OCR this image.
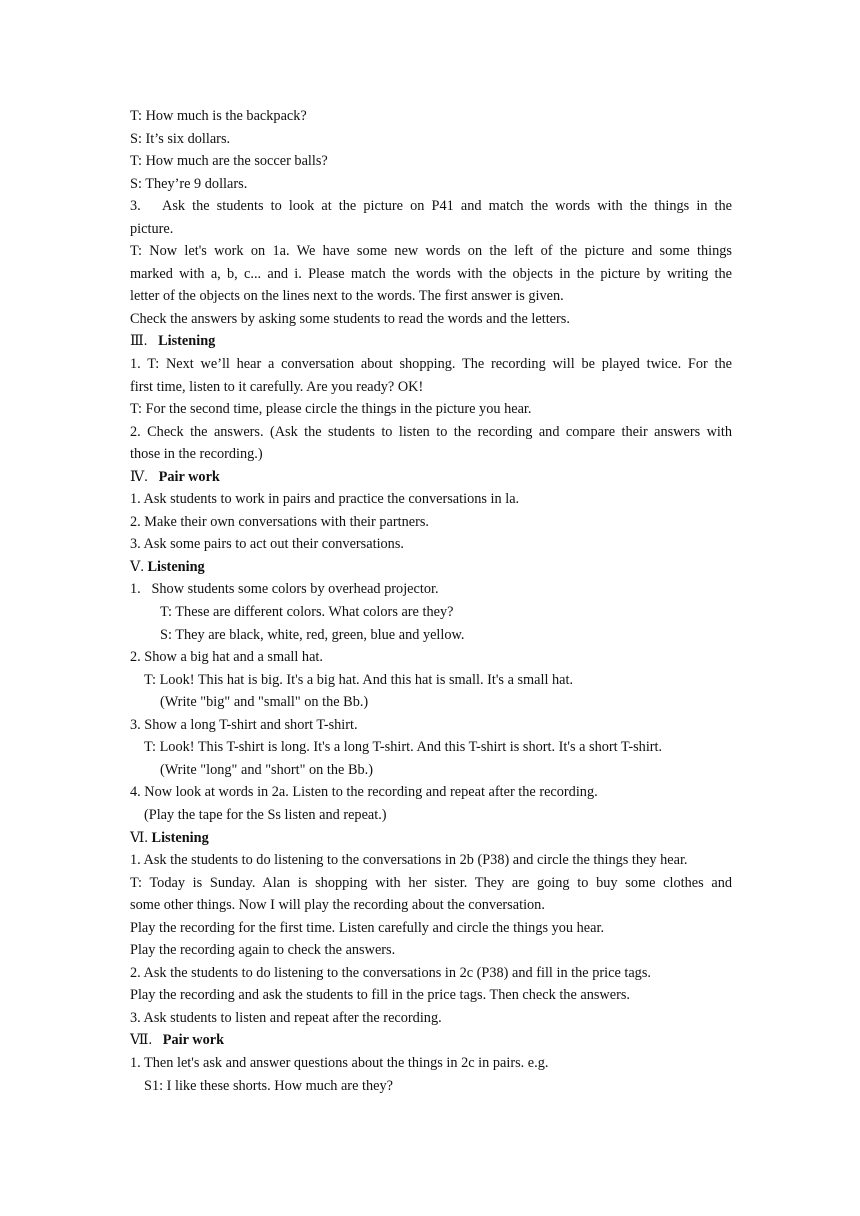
T: How much is the backpack?
S: It’s six dollars.
T: How much are the soccer balls?
S: They’re 9 dollars.
3.   Ask the students to look at the picture on P41 and match the words with the things in the
picture.
T: Now let's work on 1a. We have some new words on the left of the picture and some things
marked with a, b, c... and i. Please match the words with the objects in the picture by writing the
letter of the objects on the lines next to the words. The first answer is given.
Check the answers by asking some students to read the words and the letters.
Ⅲ.   Listening
1. T: Next we’ll hear a conversation about shopping. The recording will be played twice. For the
first time, listen to it carefully. Are you ready? OK!
T: For the second time, please circle the things in the picture you hear.
2. Check the answers. (Ask the students to listen to the recording and compare their answers with
those in the recording.)
Ⅳ.   Pair work
1. Ask students to work in pairs and practice the conversations in la.
2. Make their own conversations with their partners.
3. Ask some pairs to act out their conversations.
Ⅴ. Listening
1.   Show students some colors by overhead projector.
T: These are different colors. What colors are they?
S: They are black, white, red, green, blue and yellow.
2. Show a big hat and a small hat.
T: Look! This hat is big. It's a big hat. And this hat is small. It's a small hat.
(Write "big" and "small" on the Bb.)
3. Show a long T-shirt and short T-shirt.
T: Look! This T-shirt is long. It's a long T-shirt. And this T-shirt is short. It's a short T-shirt.
(Write "long" and "short" on the Bb.)
4. Now look at words in 2a. Listen to the recording and repeat after the recording.
(Play the tape for the Ss listen and repeat.)
Ⅵ. Listening
1. Ask the students to do listening to the conversations in 2b (P38) and circle the things they hear.
T: Today is Sunday. Alan is shopping with her sister. They are going to buy some clothes and
some other things. Now I will play the recording about the conversation.
Play the recording for the first time. Listen carefully and circle the things you hear.
Play the recording again to check the answers.
2. Ask the students to do listening to the conversations in 2c (P38) and fill in the price tags.
Play the recording and ask the students to fill in the price tags. Then check the answers.
3. Ask students to listen and repeat after the recording.
Ⅶ.   Pair work
1. Then let's ask and answer questions about the things in 2c in pairs. e.g.
S1: I like these shorts. How much are they?
